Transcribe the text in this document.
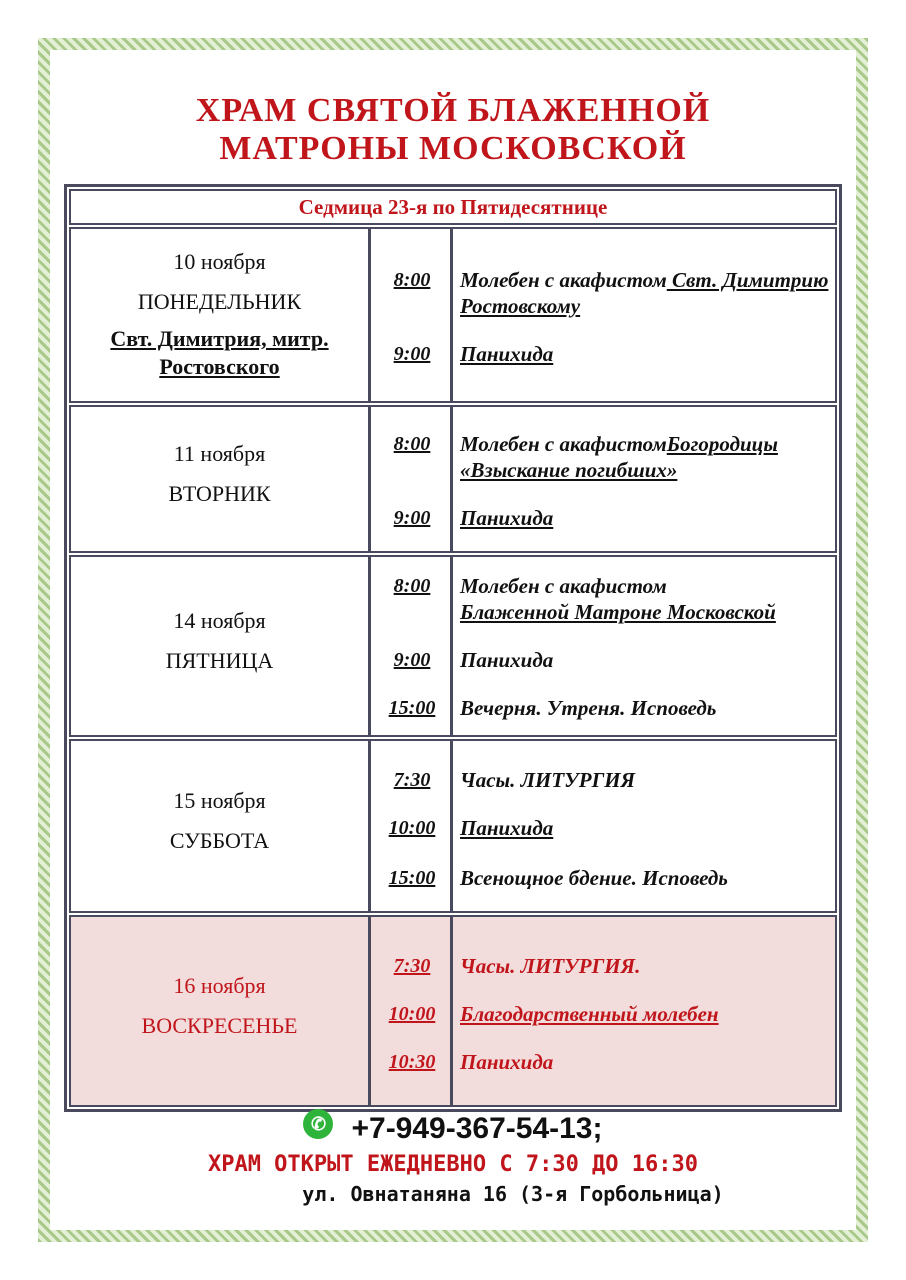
ХРАМ СВЯТОЙ БЛАЖЕННОЙ
МАТРОНЫ МОСКОВСКОЙ
Седмица 23-я по Пятидесятнице
10 ноября
ПОНЕДЕЛЬНИК
Свт. Димитрия, митр. Ростовского
8:00
9:00
Молебен с акафистом Свт. Димитрию Ростовскому
Панихида
11 ноября
ВТОРНИК
8:00
9:00
Молебен с акафистомБогородицы «Взыскание погибших»
Панихида
14 ноября
ПЯТНИЦА
8:00
9:00
15:00
Молебен с акафистом
Блаженной Матроне Московской
Панихида
Вечерня. Утреня. Исповедь
15 ноября
СУББОТА
7:30
10:00
15:00
Часы. ЛИТУРГИЯ
Панихида
Всенощное бдение. Исповедь
16 ноября
ВОСКРЕСЕНЬЕ
7:30
10:00
10:30
Часы. ЛИТУРГИЯ.
Благодарственный молебен
Панихида
✆ +7-949-367-54-13;
ХРАМ ОТКРЫТ ЕЖЕДНЕВНО С 7:30 ДО 16:30
ул. Овнатаняна 16 (3-я Горбольница)
